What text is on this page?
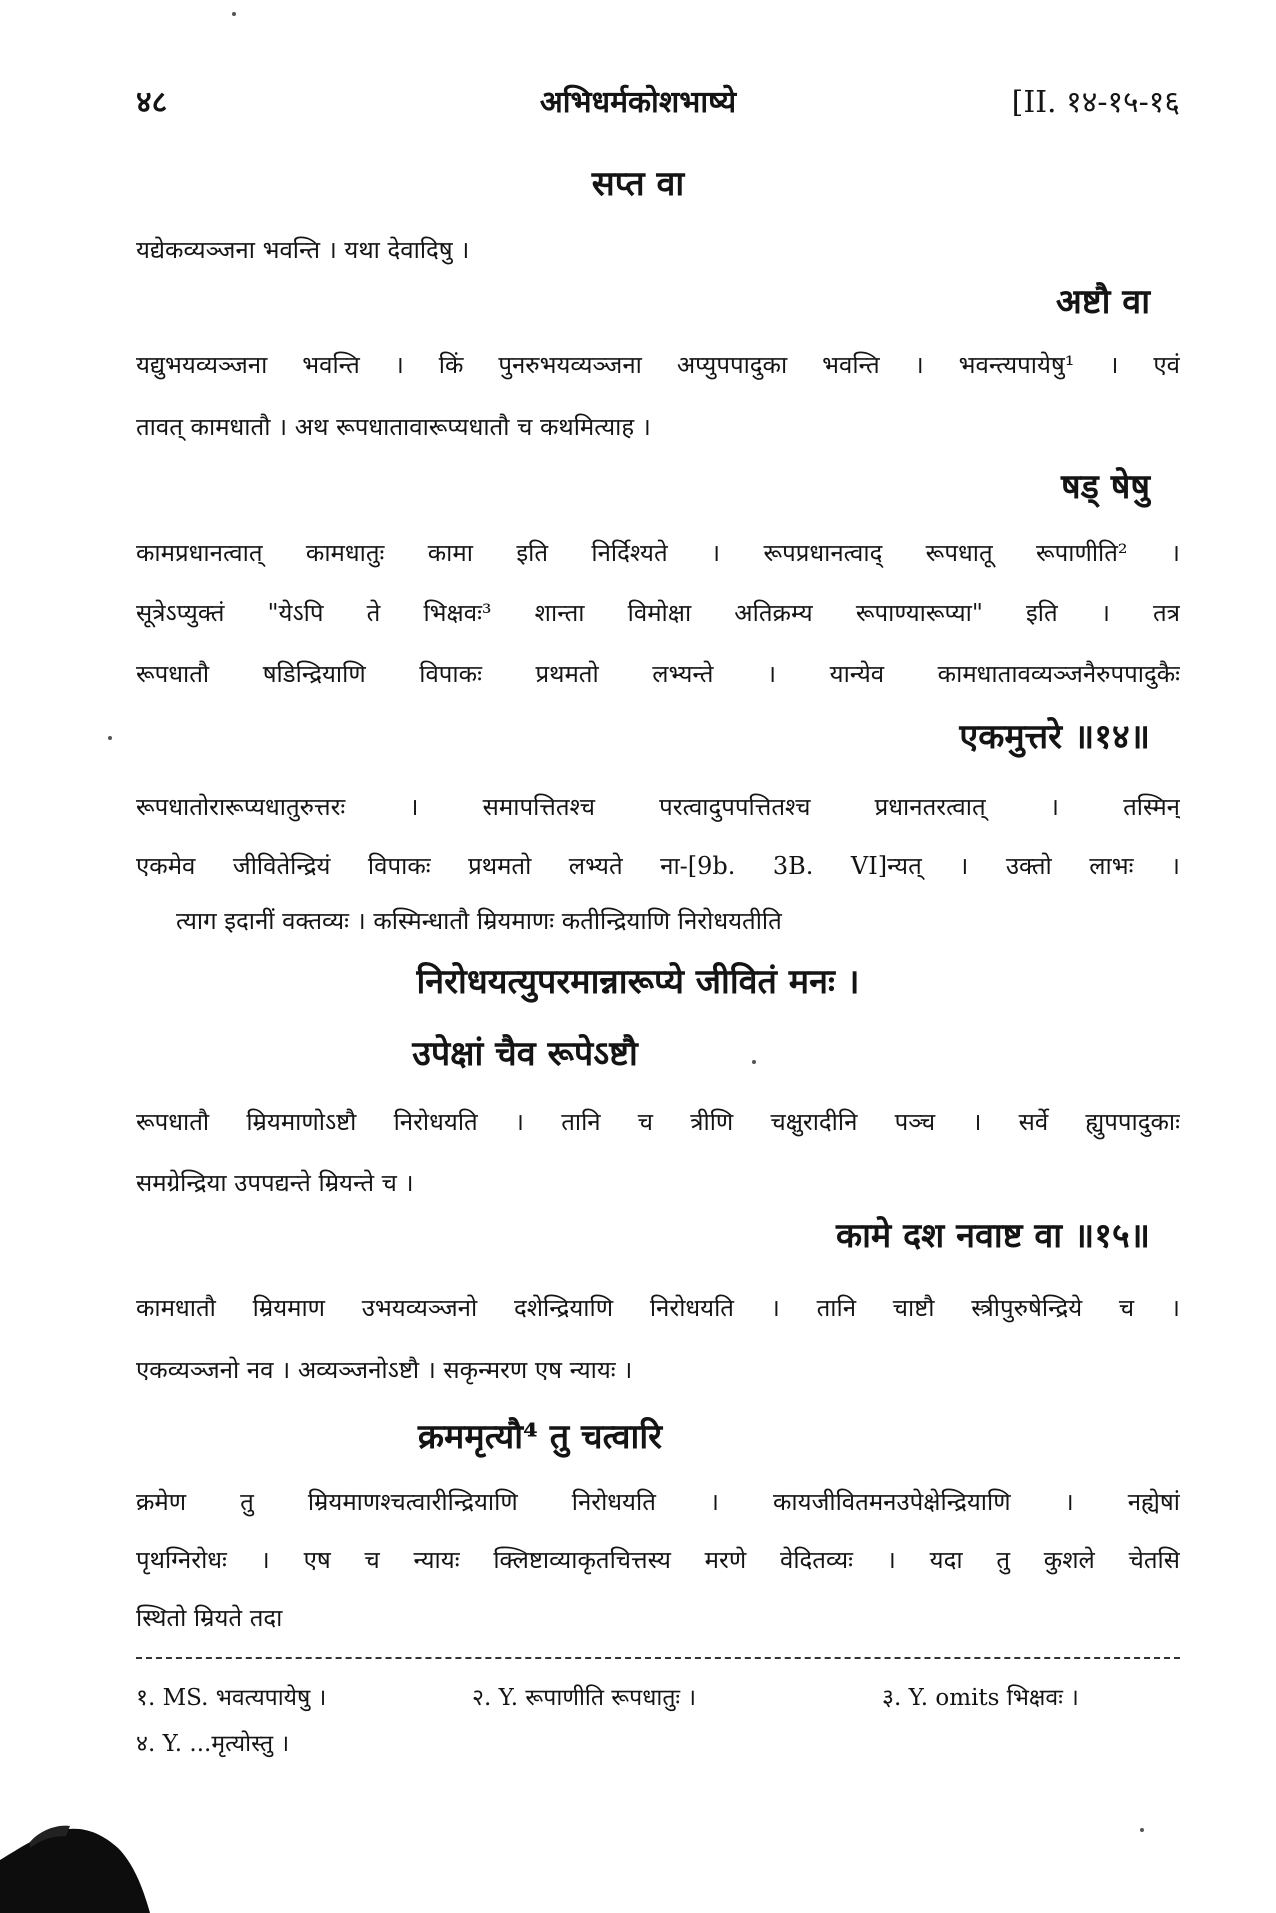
४८	अभिधर्मकोशभाष्ये	[II. १४-१५-१६
सप्त वा
यद्येकव्यञ्जना भवन्ति । यथा देवादिषु ।
अष्टौ वा
यद्युभयव्यञ्जना भवन्ति । किं पुनरुभयव्यञ्जना अप्युपपादुका भवन्ति । भवन्त्यपायेषु¹ । एवं
तावत् कामधातौ । अथ रूपधातावारूप्यधातौ च कथमित्याह ।
षड्‌ षेषु
कामप्रधानत्वात् कामधातुः कामा इति निर्दिश्यते । रूपप्रधानत्वाद् रूपधातू रूपाणीति² ।
सूत्रेऽप्युक्तं "येऽपि ते भिक्षवः³ शान्ता विमोक्षा अतिक्रम्य रूपाण्यारूप्या" इति । तत्र
रूपधातौ षडिन्द्रियाणि विपाकः प्रथमतो लभ्यन्ते । यान्येव कामधातावव्यञ्जनैरुपपादुकैः
एकमुत्तरे ॥१४॥
रूपधातोरारूप्यधातुरुत्तरः । समापत्तितश्च परत्वादुपपत्तितश्च प्रधानतरत्वात् । तस्मिन्
एकमेव जीवितेन्द्रियं विपाकः प्रथमतो लभ्यते ना-[9b. 3B. VI]न्यत् । उक्तो लाभः ।
त्याग इदानीं वक्तव्यः । कस्मिन्धातौ म्रियमाणः कतीन्द्रियाणि निरोधयतीति
निरोधयत्युपरमान्नारूप्ये जीवितं मनः ।
उपेक्षां चैव रूपेऽष्टौ
रूपधातौ म्रियमाणोऽष्टौ निरोधयति । तानि च त्रीणि चक्षुरादीनि पञ्च । सर्वे ह्युपपादुकाः
समग्रेन्द्रिया उपपद्यन्ते म्रियन्ते च ।
कामे दश नवाष्ट वा ॥१५॥
कामधातौ म्रियमाण उभयव्यञ्जनो दशेन्द्रियाणि निरोधयति । तानि चाष्टौ स्त्रीपुरुषेन्द्रिये च ।
एकव्यञ्जनो नव । अव्यञ्जनोऽष्टौ । सकृन्मरण एष न्यायः ।
क्रममृत्यौ⁴ तु चत्वारि
क्रमेण तु म्रियमाणश्चत्वारीन्द्रियाणि निरोधयति । कायजीवितमनउपेक्षेन्द्रियाणि । नह्येषां
पृथग्निरोधः । एष च न्यायः क्लिष्टाव्याकृतचित्तस्य मरणे वेदितव्यः । यदा तु कुशले चेतसि
स्थितो म्रियते तदा
१. MS. भवत्यपायेषु ।	२. Y. रूपाणीति रूपधातुः ।	३. Y. omits भिक्षवः ।
४. Y. ...मृत्योस्तु ।
